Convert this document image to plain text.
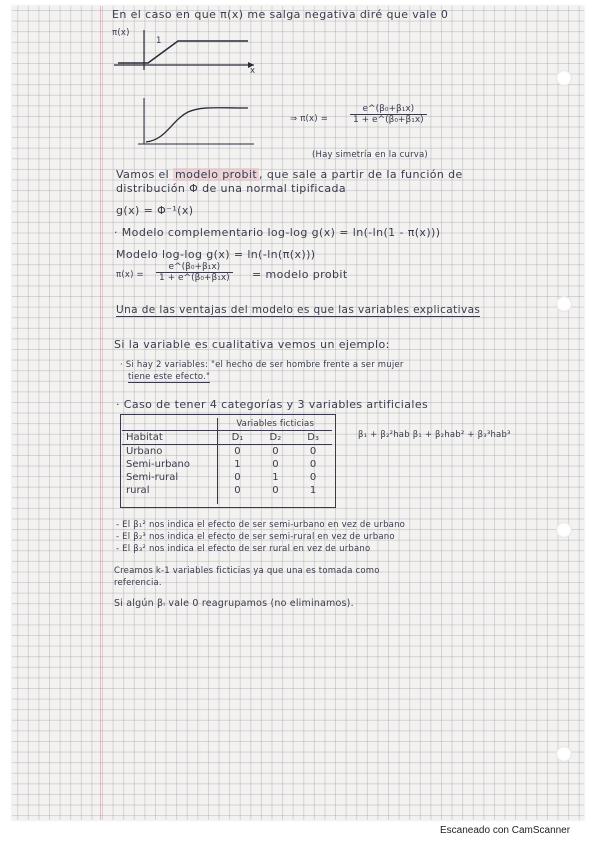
En el caso en que π(x) me salga negativa diré que vale 0
π(x)
1
x
⇒ $\pi(x) = \frac{\text{e\textasciicircum{}(β₀+β₁x)}}{\text{1 + e\textasciicircum{}(β₀+β₁x)}}$
(Hay simetría en la curva)
Vamos el modelo probit , que sale a partir de la función de
distribución Φ de una normal tipificada
g(x) = Φ⁻¹(x)
· Modelo complementario log-log g(x) = ln(-ln(1 - π(x)))
Modelo log-log g(x) = ln(-ln(π(x)))
$\pi(x) = \frac{\text{e\textasciicircum{}(β₀+β₁x)}}{\text{1 + e\textasciicircum{}(β₀+β₁x)}}$ = modelo probit
Una de las ventajas del modelo es que las variables explicativas
Si la variable es cualitativa vemos un ejemplo:
· Si hay 2 variables: "el hecho de ser hombre frente a ser mujer
tiene este efecto."
· Caso de tener 4 categorías y 3 variables artificiales
	Variables ficticias		
Habitat	D₁	D₂	D₃
Urbano	0	0	0
Semi-urbano	1	0	0
Semi-rural	0	1	0
rural	0	0	1
β₁ + β₂²hab β₁ + β₂hab² + β₃³hab³
- El β₁² nos indica el efecto de ser semi-urbano en vez de urbano
- El β₂³ nos indica el efecto de ser semi-rural en vez de urbano
- El β₃² nos indica el efecto de ser rural en vez de urbano
Creamos k-1 variables ficticias ya que una es tomada como
referencia.
Si algún βᵢ vale 0 reagrupamos (no eliminamos).
Escaneado con CamScanner
